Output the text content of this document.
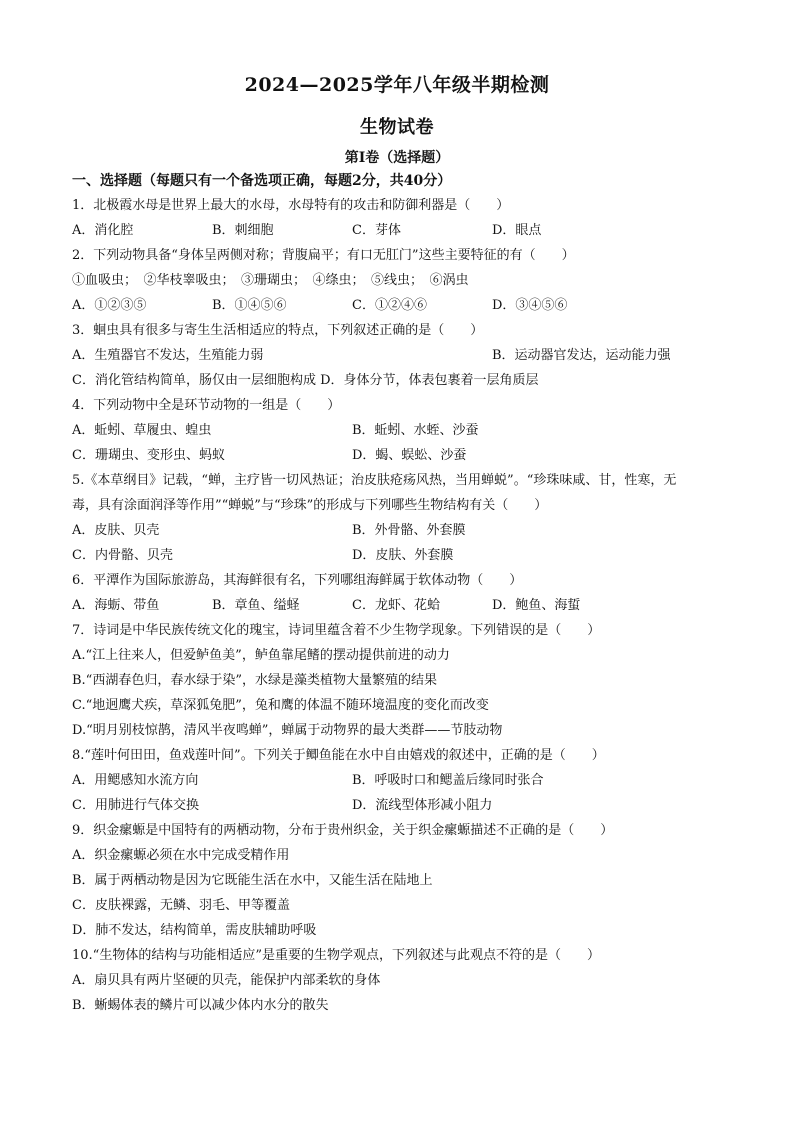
2024—2025学年八年级半期检测
生物试卷
第Ⅰ卷（选择题）
一、选择题（每题只有一个备选项正确，每题2分，共40分）
1．北极霞水母是世界上最大的水母，水母特有的攻击和防御利器是（　　）
A．消化腔	B．刺细胞	C．芽体	D．眼点
2．下列动物具备“身体呈两侧对称；背腹扁平；有口无肛门”这些主要特征的有（　　）
①血吸虫；　②华枝睾吸虫；　③珊瑚虫；　④绦虫；　⑤线虫；　⑥涡虫
A．①②③⑤	B．①④⑤⑥	C．①②④⑥	D．③④⑤⑥
3．蛔虫具有很多与寄生生活相适应的特点，下列叙述正确的是（　　）
A．生殖器官不发达，生殖能力弱	B．运动器官发达，运动能力强
C．消化管结构简单，肠仅由一层细胞构成 D．身体分节，体表包裹着一层角质层
4．下列动物中全是环节动物的一组是（　　）
A．蚯蚓、草履虫、蝗虫	B．蚯蚓、水蛭、沙蚕
C．珊瑚虫、变形虫、蚂蚁	D．蝎、蜈蚣、沙蚕
5.《本草纲目》记载，“蝉，主疗皆一切风热证；治皮肤疮疡风热，当用蝉蜕”。“珍珠味咸、甘，性寒，无
毒，具有涂面润泽等作用”“蝉蜕”与“珍珠”的形成与下列哪些生物结构有关（　　）
A．皮肤、贝壳	B．外骨骼、外套膜
C．内骨骼、贝壳	D．皮肤、外套膜
6．平潭作为国际旅游岛，其海鲜很有名，下列哪组海鲜属于软体动物（　　）
A．海蛎、带鱼	B．章鱼、缢蛏	C．龙虾、花蛤	D．鲍鱼、海蜇
7．诗词是中华民族传统文化的瑰宝，诗词里蕴含着不少生物学现象。下列错误的是（　　）
A.“江上往来人，但爱鲈鱼美”，鲈鱼靠尾鳍的摆动提供前进的动力
B.“西湖春色归，春水绿于染”，水绿是藻类植物大量繁殖的结果
C.“地迥鹰犬疾，草深狐兔肥”，兔和鹰的体温不随环境温度的变化而改变
D.“明月别枝惊鹊，清风半夜鸣蝉”，蝉属于动物界的最大类群——节肢动物
8.“莲叶何田田，鱼戏莲叶间”。下列关于鲫鱼能在水中自由嬉戏的叙述中，正确的是（　　）
A．用鳃感知水流方向	B．呼吸时口和鳃盖后缘同时张合
C．用肺进行气体交换	D．流线型体形减小阻力
9．织金瘰螈是中国特有的两栖动物，分布于贵州织金，关于织金瘰螈描述不正确的是（　　）
A．织金瘰螈必须在水中完成受精作用
B．属于两栖动物是因为它既能生活在水中，又能生活在陆地上
C．皮肤裸露，无鳞、羽毛、甲等覆盖
D．肺不发达，结构简单，需皮肤辅助呼吸
10.“生物体的结构与功能相适应”是重要的生物学观点，下列叙述与此观点不符的是（　　）
A．扇贝具有两片坚硬的贝壳，能保护内部柔软的身体
B．蜥蜴体表的鳞片可以减少体内水分的散失
